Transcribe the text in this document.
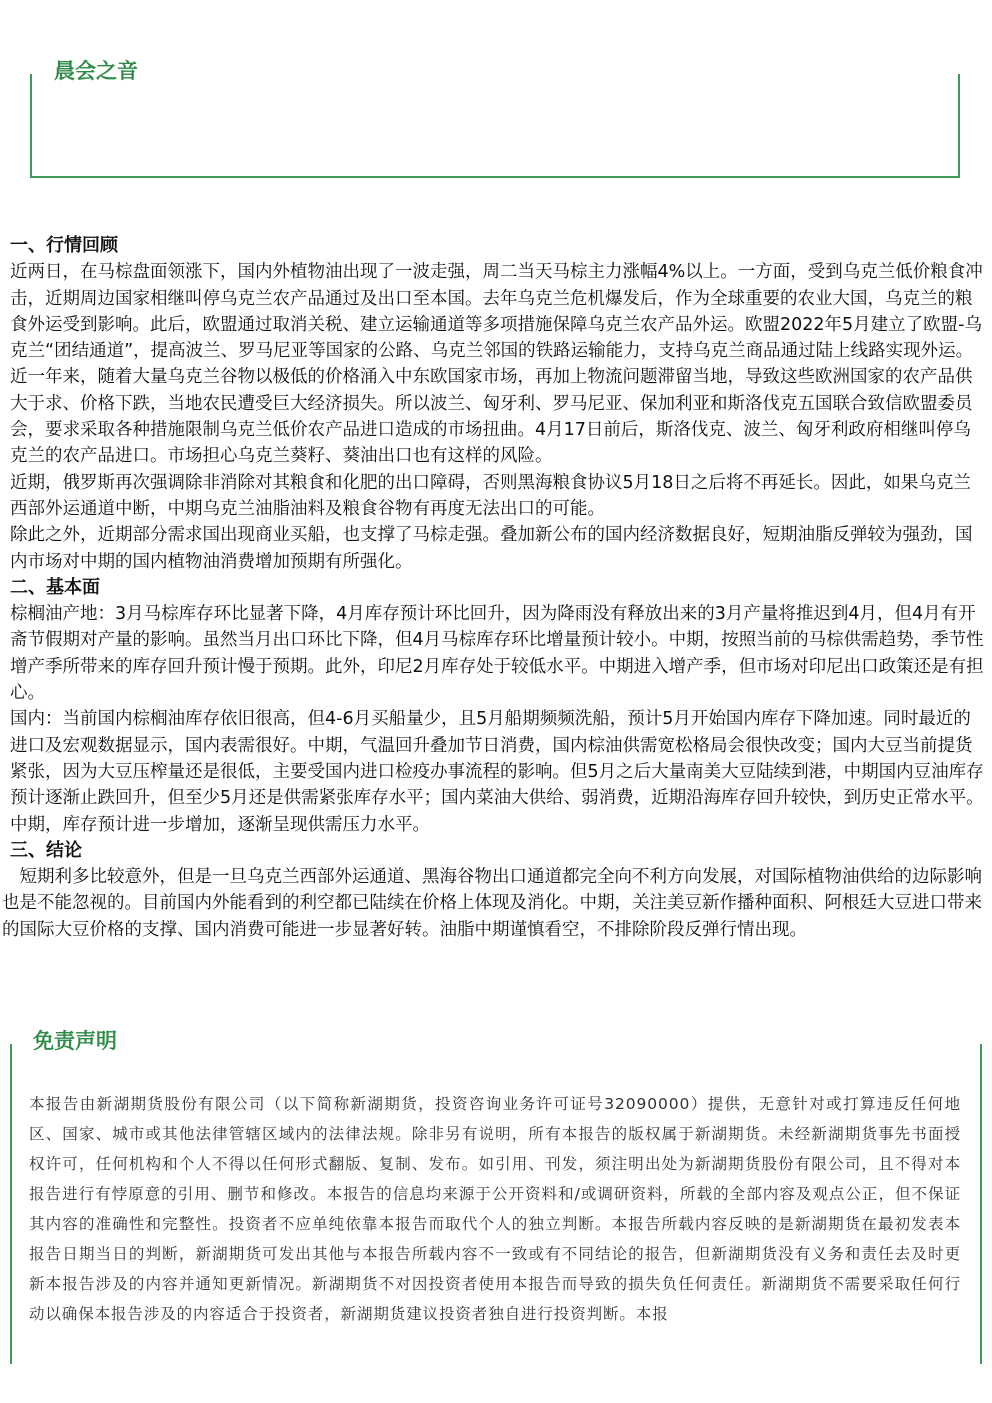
晨会之音
一、行情回顾

近两日，在马棕盘面领涨下，国内外植物油出现了一波走强，周二当天马棕主力涨幅4%以上。一方面，受到乌克兰低价粮食冲击，近期周边国家相继叫停乌克兰农产品通过及出口至本国。去年乌克兰危机爆发后，作为全球重要的农业大国，乌克兰的粮食外运受到影响。此后，欧盟通过取消关税、建立运输通道等多项措施保障乌克兰农产品外运。欧盟2022年5月建立了欧盟-乌克兰“团结通道”，提高波兰、罗马尼亚等国家的公路、乌克兰邻国的铁路运输能力，支持乌克兰商品通过陆上线路实现外运。近一年来，随着大量乌克兰谷物以极低的价格涌入中东欧国家市场，再加上物流问题滞留当地，导致这些欧洲国家的农产品供大于求、价格下跌，当地农民遭受巨大经济损失。所以波兰、匈牙利、罗马尼亚、保加利亚和斯洛伐克五国联合致信欧盟委员会，要求采取各种措施限制乌克兰低价农产品进口造成的市场扭曲。4月17日前后，斯洛伐克、波兰、匈牙利政府相继叫停乌克兰的农产品进口。市场担心乌克兰葵籽、葵油出口也有这样的风险。

近期，俄罗斯再次强调除非消除对其粮食和化肥的出口障碍，否则黑海粮食协议5月18日之后将不再延长。因此，如果乌克兰西部外运通道中断，中期乌克兰油脂油料及粮食谷物有再度无法出口的可能。

除此之外，近期部分需求国出现商业买船，也支撑了马棕走强。叠加新公布的国内经济数据良好，短期油脂反弹较为强劲，国内市场对中期的国内植物油消费增加预期有所强化。

二、基本面

棕榈油产地：3月马棕库存环比显著下降，4月库存预计环比回升，因为降雨没有释放出来的3月产量将推迟到4月，但4月有开斋节假期对产量的影响。虽然当月出口环比下降，但4月马棕库存环比增量预计较小。中期，按照当前的马棕供需趋势，季节性增产季所带来的库存回升预计慢于预期。此外，印尼2月库存处于较低水平。中期进入增产季，但市场对印尼出口政策还是有担心。

国内：当前国内棕榈油库存依旧很高，但4-6月买船量少，且5月船期频频洗船，预计5月开始国内库存下降加速。同时最近的进口及宏观数据显示，国内表需很好。中期，气温回升叠加节日消费，国内棕油供需宽松格局会很快改变；国内大豆当前提货紧张，因为大豆压榨量还是很低，主要受国内进口检疫办事流程的影响。但5月之后大量南美大豆陆续到港，中期国内豆油库存预计逐渐止跌回升，但至少5月还是供需紧张库存水平；国内菜油大供给、弱消费，近期沿海库存回升较快，到历史正常水平。中期，库存预计进一步增加，逐渐呈现供需压力水平。

三、结论

短期利多比较意外，但是一旦乌克兰西部外运通道、黑海谷物出口通道都完全向不利方向发展，对国际植物油供给的边际影响也是不能忽视的。目前国内外能看到的利空都已陆续在价格上体现及消化。中期，关注美豆新作播种面积、阿根廷大豆进口带来的国际大豆价格的支撑、国内消费可能进一步显著好转。油脂中期谨慎看空，不排除阶段反弹行情出现。

免责声明
本报告由新湖期货股份有限公司（以下简称新湖期货，投资咨询业务许可证号32090000）提供，无意针对或打算违反任何地区、国家、城市或其他法律管辖区域内的法律法规。除非另有说明，所有本报告的版权属于新湖期货。未经新湖期货事先书面授权许可，任何机构和个人不得以任何形式翻版、复制、发布。如引用、刊发，须注明出处为新湖期货股份有限公司，且不得对本报告进行有悖原意的引用、删节和修改。本报告的信息均来源于公开资料和/或调研资料，所载的全部内容及观点公正，但不保证其内容的准确性和完整性。投资者不应单纯依靠本报告而取代个人的独立判断。本报告所载内容反映的是新湖期货在最初发表本报告日期当日的判断，新湖期货可发出其他与本报告所载内容不一致或有不同结论的报告，但新湖期货没有义务和责任去及时更新本报告涉及的内容并通知更新情况。新湖期货不对因投资者使用本报告而导致的损失负任何责任。新湖期货不需要采取任何行动以确保本报告涉及的内容适合于投资者，新湖期货建议投资者独自进行投资判断。本报
